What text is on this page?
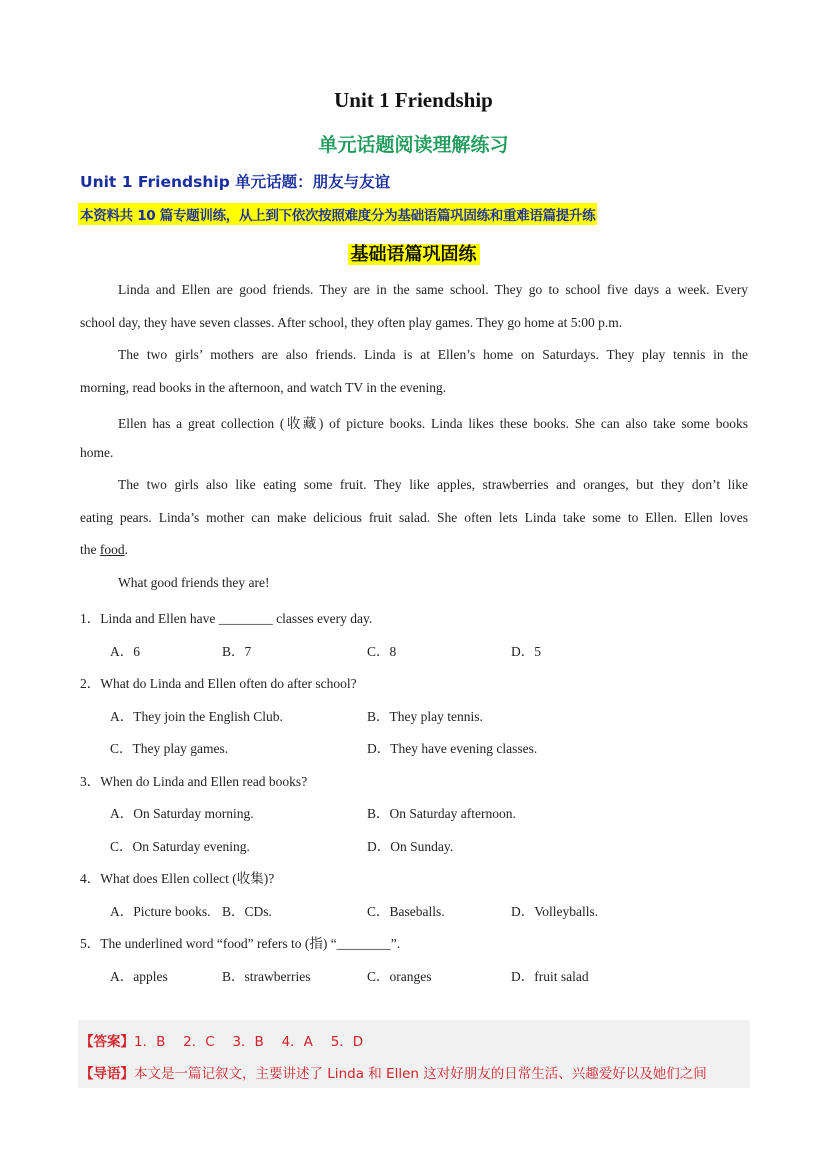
Unit 1 Friendship
单元话题阅读理解练习
Unit 1 Friendship 单元话题：朋友与友谊
本资料共 10 篇专题训练，从上到下依次按照难度分为基础语篇巩固练和重难语篇提升练
基础语篇巩固练
Linda and Ellen are good friends. They are in the same school. They go to school five days a week. Every
school day, they have seven classes. After school, they often play games. They go home at 5:00 p.m.
The two girls’ mothers are also friends. Linda is at Ellen’s home on Saturdays. They play tennis in the
morning, read books in the afternoon, and watch TV in the evening.
Ellen has a great collection (收藏) of picture books. Linda likes these books. She can also take some books
home.
The two girls also like eating some fruit. They like apples, strawberries and oranges, but they don’t like
eating pears. Linda’s mother can make delicious fruit salad. She often lets Linda take some to Ellen. Ellen loves
the food.
What good friends they are!
1．Linda and Ellen have ________ classes every day.
A．6	B．7	C．8	D．5
2．What do Linda and Ellen often do after school?
A．They join the English Club.	B．They play tennis.
C．They play games.	D．They have evening classes.
3．When do Linda and Ellen read books?
A．On Saturday morning.	B．On Saturday afternoon.
C．On Saturday evening.	D．On Sunday.
4．What does Ellen collect (收集)?
A．Picture books. B．CDs.	C．Baseballs.	D．Volleyballs.
5．The underlined word “food” refers to (指) “________”.
A．apples	B．strawberries	C．oranges	D．fruit salad
【答案】1．B　 2．C　 3．B　 4．A　 5．D
【导语】本文是一篇记叙文，主要讲述了 Linda 和 Ellen 这对好朋友的日常生活、兴趣爱好以及她们之间
